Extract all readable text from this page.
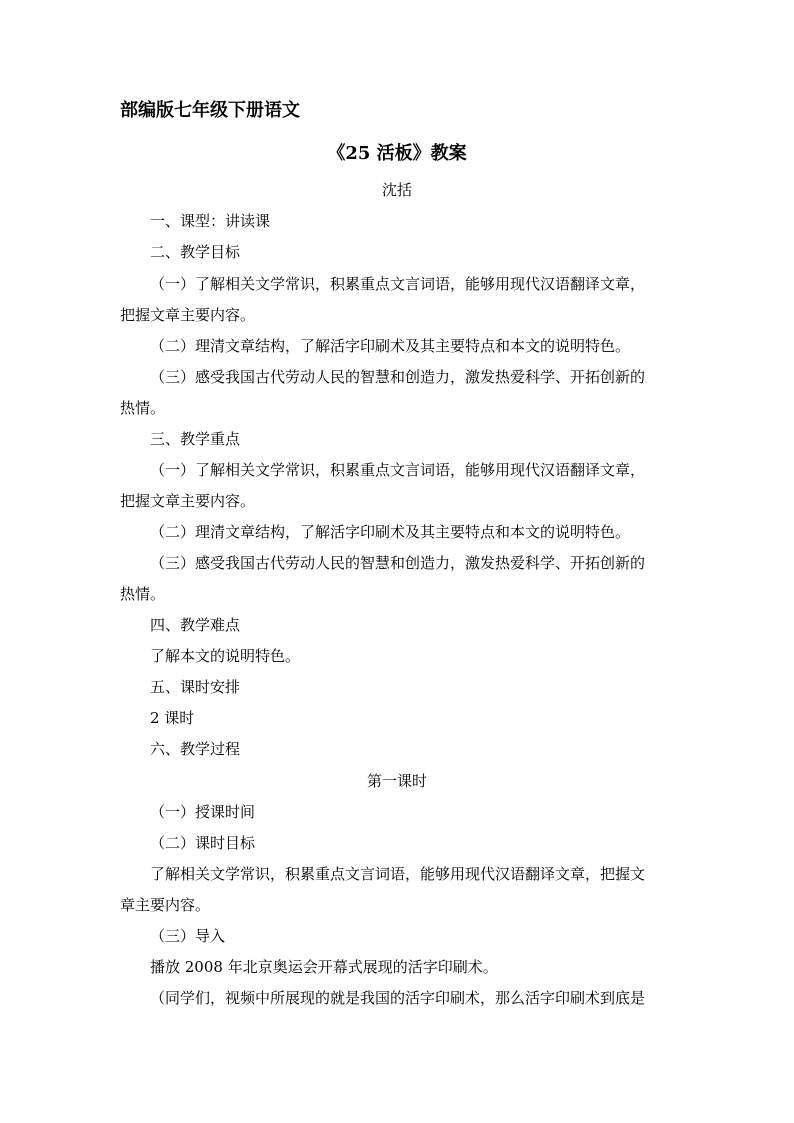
部编版七年级下册语文
《25 活板》教案
沈括
一、课型：讲读课
二、教学目标
（一）了解相关文学常识，积累重点文言词语，能够用现代汉语翻译文章，
把握文章主要内容。
（二）理清文章结构，了解活字印刷术及其主要特点和本文的说明特色。
（三）感受我国古代劳动人民的智慧和创造力，激发热爱科学、开拓创新的
热情。
三、教学重点
（一）了解相关文学常识，积累重点文言词语，能够用现代汉语翻译文章，
把握文章主要内容。
（二）理清文章结构，了解活字印刷术及其主要特点和本文的说明特色。
（三）感受我国古代劳动人民的智慧和创造力，激发热爱科学、开拓创新的
热情。
四、教学难点
了解本文的说明特色。
五、课时安排
2 课时
六、教学过程
第一课时
（一）授课时间
（二）课时目标
了解相关文学常识，积累重点文言词语，能够用现代汉语翻译文章，把握文
章主要内容。
（三）导入
播放 2008 年北京奥运会开幕式展现的活字印刷术。
（同学们，视频中所展现的就是我国的活字印刷术，那么活字印刷术到底是
